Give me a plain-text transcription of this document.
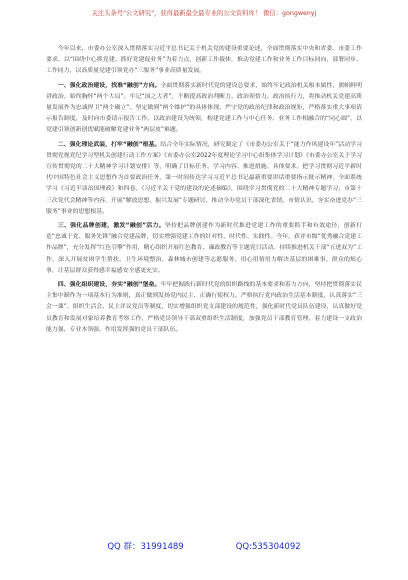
关注头条号"公文研究"，获得最新最全最专业的公文资料库！ 微信：gongwenyj

今年以来，市委办公室深入贯彻落实习近平总书记关于机关党的建设重要论述，全面贯彻落实中央和省委、市委工作要求，以“围绕中心抓党建、抓好党建促业务”为着力点，创新工作载体，推动党建工作和业务工作目标同向、部署同步、工作同力，以高质量党建引领党办“三服务”事业高质量发展。

一、强化政治建设，找准“融创”方向。全面贯彻落实新时代党的建设总要求，始终牢记政治机关根本属性，旗帜鲜明讲政治，始终胸怀“两个大局”、牢记“国之大者”，不断提高政治判断力、政治领悟力、政治执行力，将推动机关党建高质量发展作为忠诚捍卫“两个确立”、坚定做到“两个维护”的具体体现。严守党的政治纪律和政治规矩，严格落实重大事项请示报告制度，及时向市委请示报告工作。以政治建设为统领，构建党建工作与中心任务、业务工作相融合的“同心圆”，以党建引领创新创优赋能破解党建业务“两层皮”难题。

二、强化理论武装，打牢“融创”根基。结合全年实际情况，研究制定了《市委办公室关于“能力作风建设年”活动学习贯彻党规党纪学习型机关创建行动工作方案》《市委办公室2022年度理论学习中心组集体学习计划》《市委办公室关于学习宣传贯彻党的二十大精神学习计划安排》等，明确了目标任务、学习内容、推进措施、具体要求。把学习贯彻习近平新时代中国特色社会主义思想作为首要政治任务，第一时间传达学习习近平总书记最新重要讲话重要指示批示精神，全面系统学习《习近平谈治国理政》和四卷、《习近平关于党的建设的论述摘编》，围绕学习贯彻党的二十大精神专题学习，市第十三次党代会精神等内容，开展“解放思想、振兴发展”专题研讨，推动全办党员干部深化省情、市情认识，夯实奋进党办“三服务”事业的思想根基。

三、强化品牌创建，激发“融创”活力。坚持把品牌创建作为新时代推进党建工作的重要抓手和有效途径，创新打造“忠诚于党、服务先锋”融合党建品牌，切实增强党建工作的针对性、时代性、实践性。今年，获评市级“优秀融合党建工作品牌”，充分发挥“红色引擎”作用，精心组织开展红色教育、廉政教育等主题党日活动。持续推进机关干部“五进双为”工作，深入开展贫困学生帮扶、卫生环境整治、森林城市创建等志愿服务，用心用情用力解决基层的困难事、群众的烦心事，让基层群众获得感幸福感安全感更充实。

四、强化组织建设，夯实“融创”堡垒。牢牢把握践行新时代党的组织路线的基本要求和着力方向，坚持把贯彻落实民主集中制作为一项基本行为准则，真正做到发扬党内民主、正确行使权力。严格执行党内政治生活基本制度，认真落实“三会一课”、组织生活会、民主评议党员等制度，切实增强组织党支部建设的规范性，强化新时代党员队伍建设，认真做好党员教育和发展对象培养教育考察工作，严格党员领导干部双重组织生活制度，加强党员干部教育管理，着力建设一支政治能力强、专业本领强、作用发挥强的党员干部队伍。

QQ 群：31991489	QQ:535304092
